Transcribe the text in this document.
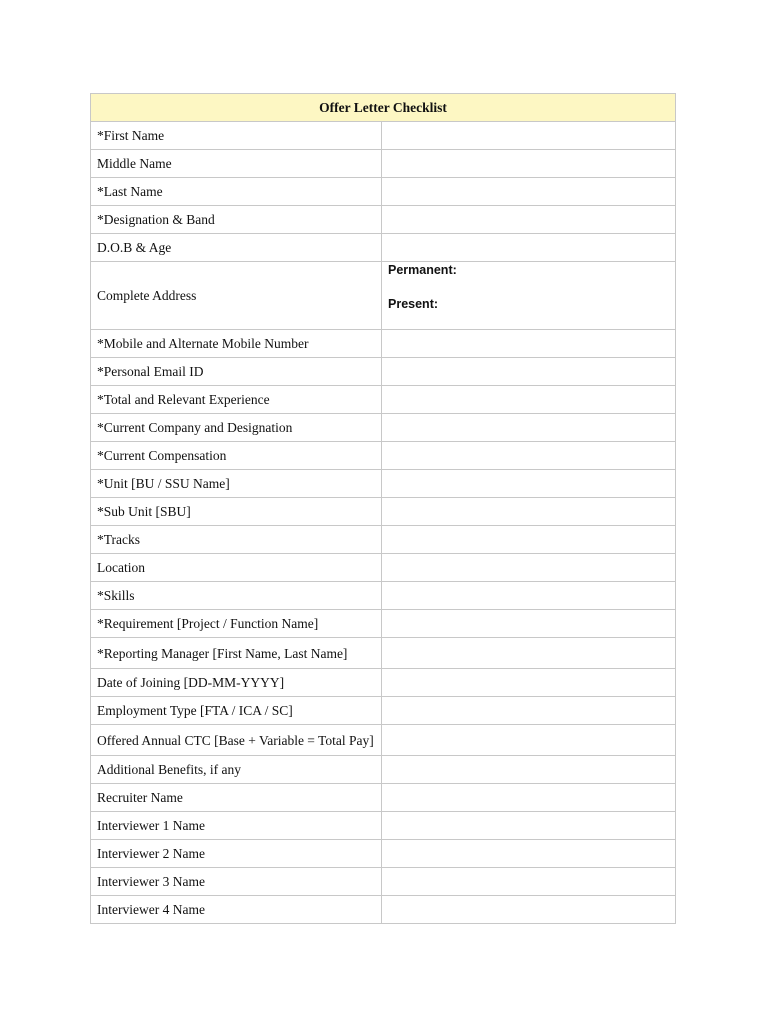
Offer Letter Checklist	

*First Name	

Middle Name	

*Last Name	

*Designation & Band	

D.O.B & Age	

Complete Address	Permanent:
Present:

*Mobile and Alternate Mobile Number	

*Personal Email ID	

*Total and Relevant Experience	

*Current Company and Designation	

*Current Compensation	

*Unit [BU / SSU Name]	

*Sub Unit [SBU]	

*Tracks	

Location	

*Skills	

*Requirement [Project / Function Name]	

*Reporting Manager [First Name, Last Name]	

Date of Joining [DD-MM-YYYY]	

Employment Type [FTA / ICA / SC]	

Offered Annual CTC [Base + Variable = Total Pay]	

Additional Benefits, if any	

Recruiter Name	

Interviewer 1 Name	

Interviewer 2 Name	

Interviewer 3 Name	

Interviewer 4 Name	
